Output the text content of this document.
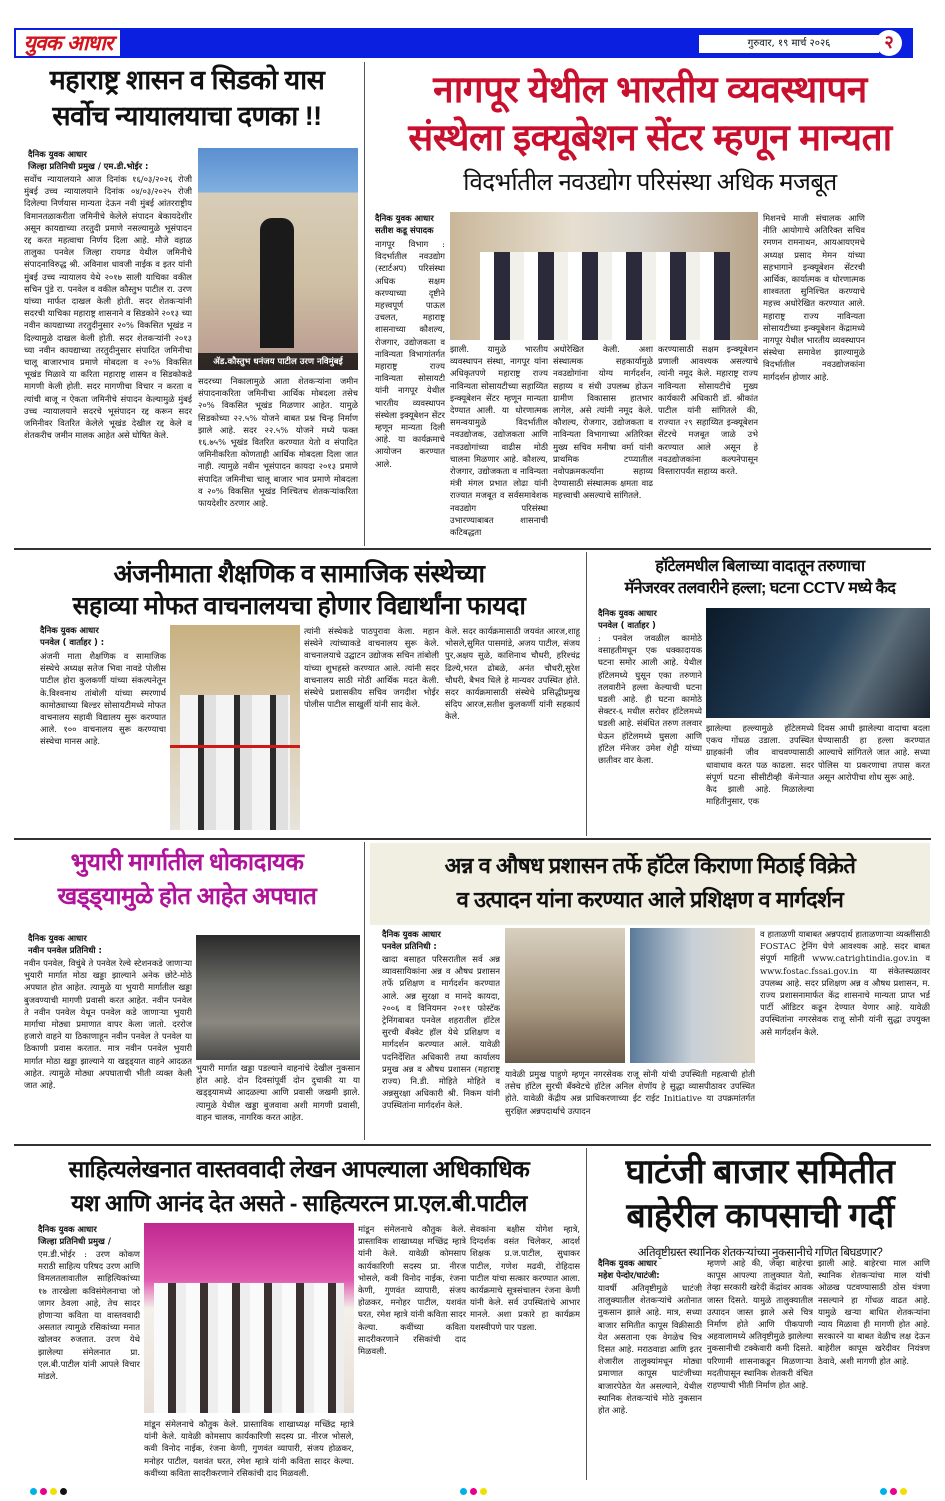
युवक आधार	गुरुवार, १९ मार्च २०२६	२
महाराष्ट्र शासन व सिडको यास
सर्वोच न्यायालयाचा दणका !!
दैनिक युवक आधार
जिल्हा प्रतिनिधी प्रमुख / एम.डी.भोईर :
सर्वोच न्यायालयाने आज दिनांक १६/०३/२०२६ रोजी मुंबई उच्च न्यायालयाने दिनांक ०४/०३/२०२५ रोजी दिलेल्या निर्णयास मान्यता देऊन नवी मुंबई आंतरराष्ट्रीय विमानतळाकरीता जमिनीचे केलेले संपादन बेकायदेशीर असून कायद्याच्या तरतुदी प्रमाणे नसल्यामुळे भूसंपादन रद्द करत महत्वाचा निर्णय दिला आहे. मौजे वहाळ तालुका पनवेल जिल्हा रायगड येथील जमिनीचे संपादनाविरुद्ध श्री. अविनाश धावजी नाईक व इतर यांनी मुंबई उच्च न्यायालय येथे २०१७ साली याचिका वकील सचिन पुंडे रा. पनवेल व वकील कौस्तुभ पाटील रा. उरण यांच्या मार्फत दाखल केली होती. सदर शेतकऱ्यांनी सदरची याचिका महाराष्ट्र शासनाने व सिडकोने २०१३ च्या नवीन कायद्याच्या तरतुदीनुसार २०% विकसित भूखंड न दिल्यामुळे दाखल केली होती. सदर शेतकऱ्यांनी २०१३ च्या नवीन कायद्याच्या तरतुदीनुसार संपादित जमिनीचा चालू बाजारभाव प्रमाणे मोबदला व २०% विकसित भूखंड मिळावे या करिता महाराष्ट्र शासन व सिडकोकडे मागणी केली होती. सदर मागणीचा विचार न करता व त्यांची बाजू न ऐकता जमिनीचे संपादन केल्यामुळे मुंबई उच्च न्यायालयाने सदरचे भूसंपादन रद्द करून सदर जमिनीवर वितरित केलेले भूखंड देखील रद्द केले व शेतकरीच जमीन मालक आहेत असे घोषित केले.
ॲड.कौस्तुभ धनंजय पाटील उरण नविमुंबई
सदरच्या निकालामुळे आता शेतकऱ्यांना जमीन संपादनाकरिता जमिनीचा आर्थिक मोबदला तसेच २०% विकसित भूखंड मिळणार आहेत. यामुळे सिडकोच्या २२.५% योजने बाबत प्रश्न चिन्ह निर्माण झाले आहे. सदर २२.५% योजने मध्ये फक्त १६.७५% भूखंड वितरित करण्यात येतो व संपादित जमिनीकरिता कोणताही आर्थिक मोबदला दिला जात नाही. त्यामुळे नवीन भूसंपादन कायदा २०१३ प्रमाणे संपादित जमिनीचा चालू बाजार भाव प्रमाणे मोबदला व २०% विकसित भूखंड निश्चितच शेतकऱ्यांकरिता फायदेशीर ठरणार आहे.
नागपूर येथील भारतीय व्यवस्थापन
संस्थेला इक्यूबेशन सेंटर म्हणून मान्यता
विदर्भातील नवउद्योग परिसंस्था अधिक मजबूत
दैनिक युवक आधार
सतीश कडू संपादक
नागपूर विभाग : विदर्भातील नवउद्योग (स्टार्टअप) परिसंस्था अधिक सक्षम करण्याच्या दृष्टीने महत्त्वपूर्ण पाऊल उचलत, महाराष्ट्र शासनाच्या कौशल्य, रोजगार, उद्योजकता व नाविन्यता विभागांतर्गत महाराष्ट्र राज्य नाविन्यता सोसायटी यांनी नागपूर येथील भारतीय व्यवस्थापन संस्थेला इक्यूबेशन सेंटर म्हणून मान्यता दिली आहे. या कार्यक्रमाचे आयोजन करण्यात आले.
झाली. यामुळे भारतीय व्यवस्थापन संस्था, नागपूर यांना अधिकृतपणे महाराष्ट्र राज्य नाविन्यता सोसायटीच्या सहाय्यित इन्क्यूबेशन सेंटर म्हणून मान्यता देण्यात आली. या धोरणात्मक समन्वयामुळे विदर्भातील नवउद्योजक, उद्योजकता आणि नवउद्योगांच्या वाढीस मोठी चालना मिळणार आहे. कौशल्य, रोजगार, उद्योजकता व नाविन्यता मंत्री मंगल प्रभात लोढा यांनी राज्यात मजबूत व सर्वसमावेशक नवउद्योग परिसंस्था उभारण्याबाबत शासनाची कटिबद्धता
अधोरेखित केली. अशा संस्थात्मक सहकार्यामुळे नवउद्योगांना योग्य मार्गदर्शन, सहाय्य व संधी उपलब्ध होऊन ग्रामीण विकासास हातभार लागेल, असे त्यांनी नमूद केले. कौशल्य, रोजगार, उद्योजकता व नाविन्यता विभागाच्या अतिरिक्त मुख्य सचिव मनीषा वर्मा यांनी प्राथमिक टप्प्यातील नवोपक्रमकर्त्यांना सहाय्य देण्यासाठी संस्थात्मक क्षमता वाढ महत्त्वाची असल्याचे सांगितले.
करण्यासाठी सक्षम इन्क्यूबेशन प्रणाली आवश्यक असल्याचे त्यांनी नमूद केले. महाराष्ट्र राज्य नाविन्यता सोसायटीचे मुख्य कार्यकारी अधिकारी डॉ. श्रीकांत पाटील यांनी सांगितले की, राज्यात २९ सहाय्यित इन्क्यूबेशन सेंटरचे मजबूत जाळे उभे करण्यात आले असून हे नवउद्योजकांना कल्पनेपासून विस्तारापर्यंत सहाय्य करते.
मिशनचे माजी संचालक आणि नीति आयोगाचे अतिरिक्त सचिव रमणन रामनाथन, आयआयएमचे अध्यक्ष प्रसाद मेमन यांच्या सहभागाने इन्क्यूबेशन सेंटरची आर्थिक, कार्यात्मक व धोरणात्मक शाश्वतता सुनिश्चित करण्याचे महत्त्व अधोरेखित करण्यात आले. महाराष्ट्र राज्य नाविन्यता सोसायटीच्या इन्क्यूबेशन केंद्रामध्ये नागपूर येथील भारतीय व्यवस्थापन संस्थेचा समावेश झाल्यामुळे विदर्भातील नवउद्योजकांना मार्गदर्शन होणार आहे.
अंजनीमाता शैक्षणिक व सामाजिक संस्थेच्या
सहाव्या मोफत वाचनालयचा होणार विद्यार्थांना फायदा
दैनिक युवक आधार
पनवेल ( वार्ताहर ) :
अंजनी माता शैक्षणिक व सामाजिक संस्थेचे अध्यक्ष सतेज भिवा नावडे पोलीस पाटील होरा कुलकर्णी यांच्या संकल्पनेतून के.विश्वनाथ तांबोली यांच्या स्मरणार्थ कामोठ्याच्या बिल्डर सोसायटीमध्ये मोफत वाचनालय सहावी विद्यालय सुरू करण्यात आले. १०० वाचनालय सुरू करण्याचा संस्थेचा मानस आहे.
त्यांनी संस्थेकडे पाठपुरावा केला. महान संस्थेने त्यांच्याकडे वाचनालय सुरू केले. वाचनालयाचे उद्घाटन उद्योजक सचिन तांबोली यांच्या शुभहस्ते करण्यात आले. त्यांनी सदर वाचनालय साठी मोठी आर्थिक मदत केली. संस्थेचे प्रशासकीय सचिव जगदीश भोईर पोलीस पाटील साखुर्ली यांनी साद केले.
केले. सदर कार्यक्रमासाठी जयवंत आरज,शाहू भोसले,सुमित पासमांडे, अजय पाटील, संजय पुर,अक्षय सुळे, काशिनाथ चौधरी, हरिश्चंद्र ढिल्ये,भरत ढोबळे, अनंत चौधरी,सुरेश चौधरी, बैभव धिले हे मान्यवर उपस्थित होते. सदर कार्यक्रमासाठी संस्थेचे प्रसिद्धीप्रमुख संदिप आरज,सतीश कुलकर्णी यांनी सहकार्य केले.
हॉटेलमधील बिलाच्या वादातून तरुणाचा
मॅनेजरवर तलवारीने हल्ला; घटना CCTV मध्ये कैद
दैनिक युवक आधार
पनवेल ( वार्ताहर )
: पनवेल जवळील कामोठे वसाहतीमधून एक धक्कादायक घटना समोर आली आहे. येथील हॉटेलमध्ये घुसून एका तरुणाने तलवारीने हल्ला केल्याची घटना घडली आहे. ही घटना कामोठे सेक्टर-६ मधील सरोवर हॉटेलमध्ये घडली आहे. संबंधित तरुण तलवार घेऊन हॉटेलमध्ये घुसला आणि हॉटेल मॅनेजर उमेश शेट्टी यांच्या छातीवर वार केला.
झालेल्या हल्ल्यामुळे हॉटेलमध्ये एकच गोंधळ उडाला. उपस्थित ग्राहकांनी जीव वाचवण्यासाठी धावाधाव करत पळ काढला. सदर संपूर्ण घटना सीसीटीव्ही कॅमेऱ्यात कैद झाली आहे. मिळालेल्या माहितीनुसार, एक
दिवस आधी झालेल्या वादाचा बदला घेण्यासाठी हा हल्ला करण्यात आल्याचे सांगितले जात आहे. सध्या पोलिस या प्रकरणाचा तपास करत असून आरोपीचा शोध सुरू आहे.
भुयारी मार्गातील धोकादायक
खड्ड्यामुळे होत आहेत अपघात
दैनिक युवक आधार
नवीन पनवेल प्रतिनिधी :
नवीन पनवेल, विचुंबे ते पनवेल रेल्वे स्टेशनकडे जाणाऱ्या भुयारी मार्गात मोठा खड्डा झाल्याने अनेक छोटे-मोठे अपघात होत आहेत. त्यामुळे या भुयारी मार्गातील खड्डा बुजवण्याची मागणी प्रवासी करत आहेत. नवीन पनवेल ते नवीन पनवेल येथून पनवेल कडे जाणाऱ्या भुयारी मार्गाचा मोठ्या प्रमाणात वापर केला जातो. दररोज हजारो वाहने या ठिकाणाहून नवीन पनवेल ते पनवेल या ठिकाणी प्रवास करतात. मात्र नवीन पनवेल भुयारी मार्गात मोठा खड्डा झाल्याने या खड्ड्यात वाहने आदळत आहेत. त्यामुळे मोठ्या अपघाताची भीती व्यक्त केली जात आहे.
भुयारी मार्गात खड्डा पडल्याने वाहनांचे देखील नुकसान होत आहे. दोन दिवसांपूर्वी दोन दुचाकी या या खड्ड्यामध्ये आदळल्या आणि प्रवासी जखमी झाले. त्यामुळे येथील खड्डा बुजवावा अशी मागणी प्रवासी, वाहन चालक, नागरिक करत आहेत.
अन्न व औषध प्रशासन तर्फे हॉटेल किराणा मिठाई विक्रेते
व उत्पादन यांना करण्यात आले प्रशिक्षण व मार्गदर्शन
दैनिक युवक आधार
पनवेल प्रतिनिधी :
खादा बसाहत परिसरातील सर्व अन्न व्यावसायिकांना अन्न व औषध प्रशासन तर्फे प्रशिक्षण व मार्गदर्शन करण्यात आले. अन्न सुरक्षा व मानदे कायदा, २००६ व विनियमन २०११ फोस्टॅक ट्रेनिंगबाबत पनवेल शहरातील हॉटेल सुरची बँक्वेट हॉल येथे प्रशिक्षण व मार्गदर्शन करण्यात आले. यावेळी पदनिर्देशित अधिकारी तथा कार्यालय प्रमुख अन्न व औषध प्रशासन (महाराष्ट्र राज्य) नि.डी. मोहिते मोहिते व अन्नसुरक्षा अधिकारी श्री. निकम यांनी उपस्थितांना मार्गदर्शन केले.
यावेळी प्रमुख पाहुणे म्हणून नगरसेवक राजू सोनी यांची उपस्थिती महत्वाची होती तसेच हॉटेल सुरची बँक्वेटचे हॉटेल अनिल शेणॉय हे सुद्धा व्यासपीठावर उपस्थित होते. यावेळी केंद्रीय अन्न प्राधिकरणाच्या ईट राईट Initiative या उपक्रमांतर्गत सुरक्षित अन्नपदार्थाचे उत्पादन
व हाताळणी याबाबत अन्नपदार्थ हाताळणाऱ्या व्यक्तींसाठी FOSTAC ट्रेनिंग घेणे आवश्यक आहे. सदर बाबत संपूर्ण माहिती www.catrightindia.gov.in व www.fostac.fssai.gov.in या संकेतस्थळावर उपलब्ध आहे. सदर प्रशिक्षण अन्न व औषध प्रशासन, म. राज्य प्रशासनामार्फत केंद्र शासनाचे मान्यता प्राप्त भर्ड पार्टी ऑडिटर कडून देण्यात येणार आहे. यावेळी उपस्थितांना नगरसेवक राजू सोनी यांनी सुद्धा उपयुक्त असे मार्गदर्शन केले.
साहित्यलेखनात वास्तववादी लेखन आपल्याला अधिकाधिक
यश आणि आनंद देत असते - साहित्यरत्न प्रा.एल.बी.पाटील
दैनिक युवक आधार
जिल्हा प्रतिनिधी प्रमुख /
एम.डी.भोईर : उरण कोकण मराठी साहित्य परिषद उरण आणि विमलतलावातील साहित्यिकांच्या १७ तारखेला कविसंमेलनाचा जो जागर ठेवला आहे, तेच सादर होणाऱ्या कविता या वास्तववादी असतात त्यामुळे रसिकांच्या मनात खोलवर रुजतात. उरण येथे झालेल्या संमेलनात प्रा. एल.बी.पाटील यांनी आपले विचार मांडले.
मांडून संमेलनाचे कौतुक केले. प्रास्ताविक शाखाध्यक्ष मच्छिंद्र म्हात्रे यांनी केले. यावेळी कोमसाप कार्यकारिणी सदस्य प्रा. नीरज भोसले, कवी विनोद नाईक, रंजना केणी, गुणवंत व्यापारी, संजय होळकर, मनोहर पाटील, यशवंत घरत, रमेश म्हात्रे यांनी कविता सादर केल्या. कवींच्या कविता सादरीकरणाने रसिकांची दाद मिळवली.
मांडून संमेलनाचे कौतुक केले. प्रास्ताविक शाखाध्यक्ष मच्छिंद्र म्हात्रे यांनी केले. यावेळी कोमसाप कार्यकारिणी सदस्य प्रा. नीरज भोसले, कवी विनोद नाईक, रंजना केणी, गुणवंत व्यापारी, संजय होळकर, मनोहर पाटील, यशवंत घरत, रमेश म्हात्रे यांनी कविता सादर केल्या. कवींच्या कविता सादरीकरणाने रसिकांची दाद मिळवली.
सेवकांना बक्षीस योगेश म्हात्रे, दिग्दर्शक वसंत चिलेकर, आदर्श शिक्षक प्र.ज.पाटील, सुधाकर पाटील, गणेश मढवी, रोहिदास पाटील यांचा सत्कार करण्यात आला. कार्यक्रमाचे सूत्रसंचालन रंजना केणी यांनी केले. सर्व उपस्थितांचे आभार मानले. अशा प्रकारे हा कार्यक्रम यशस्वीपणे पार पडला.
घाटंजी बाजार समितीत
बाहेरील कापसाची गर्दी
अतिवृष्टीग्रस्त स्थानिक शेतकऱ्यांच्या नुकसानीचे गणित बिघडणार?
दैनिक युवक आधार
महेश पेन्दोर/घाटंजी:
यावर्षी अतिवृष्टीमुळे घाटंजी तालुक्यातील शेतकऱ्यांचे अतोनात नुकसान झाले आहे. मात्र, सध्या बाजार समितीत कापूस विक्रीसाठी येत असताना एक वेगळेच चित्र दिसत आहे. मराठवाडा आणि इतर शेजारील तालुक्यांमधून मोठ्या प्रमाणात कापूस घाटंजीच्या बाजारपेठेत येत असल्याने, येथील स्थानिक शेतकऱ्यांचे मोठे नुकसान होत आहे.
म्हणणे आहे की, जेव्हा बाहेरचा कापूस आपल्या तालुक्यात येतो, तेव्हा सरकारी खरेदी केंद्रांवर आवक जास्त दिसते. यामुळे तालुक्यातील उत्पादन जास्त झाले असे चित्र निर्माण होते आणि पीकपाणी अहवालामध्ये अतिवृष्टीमुळे झालेल्या नुकसानीची टक्केवारी कमी दिसते. परिणामी शासनाकडून मिळणाऱ्या मदतीपासून स्थानिक शेतकरी वंचित राहण्याची भीती निर्माण होत आहे.
झाली आहे. बाहेरचा माल आणि स्थानिक शेतकऱ्यांचा माल यांची ओळख पटवण्यासाठी ठोस यंत्रणा नसल्याने हा गोंधळ वाढत आहे. यामुळे खऱ्या बाधित शेतकऱ्यांना न्याय मिळावा ही मागणी होत आहे. सरकारने या बाबत वेळीच लक्ष देऊन बाहेरील कापूस खरेदीवर नियंत्रण ठेवावे, अशी मागणी होत आहे.
